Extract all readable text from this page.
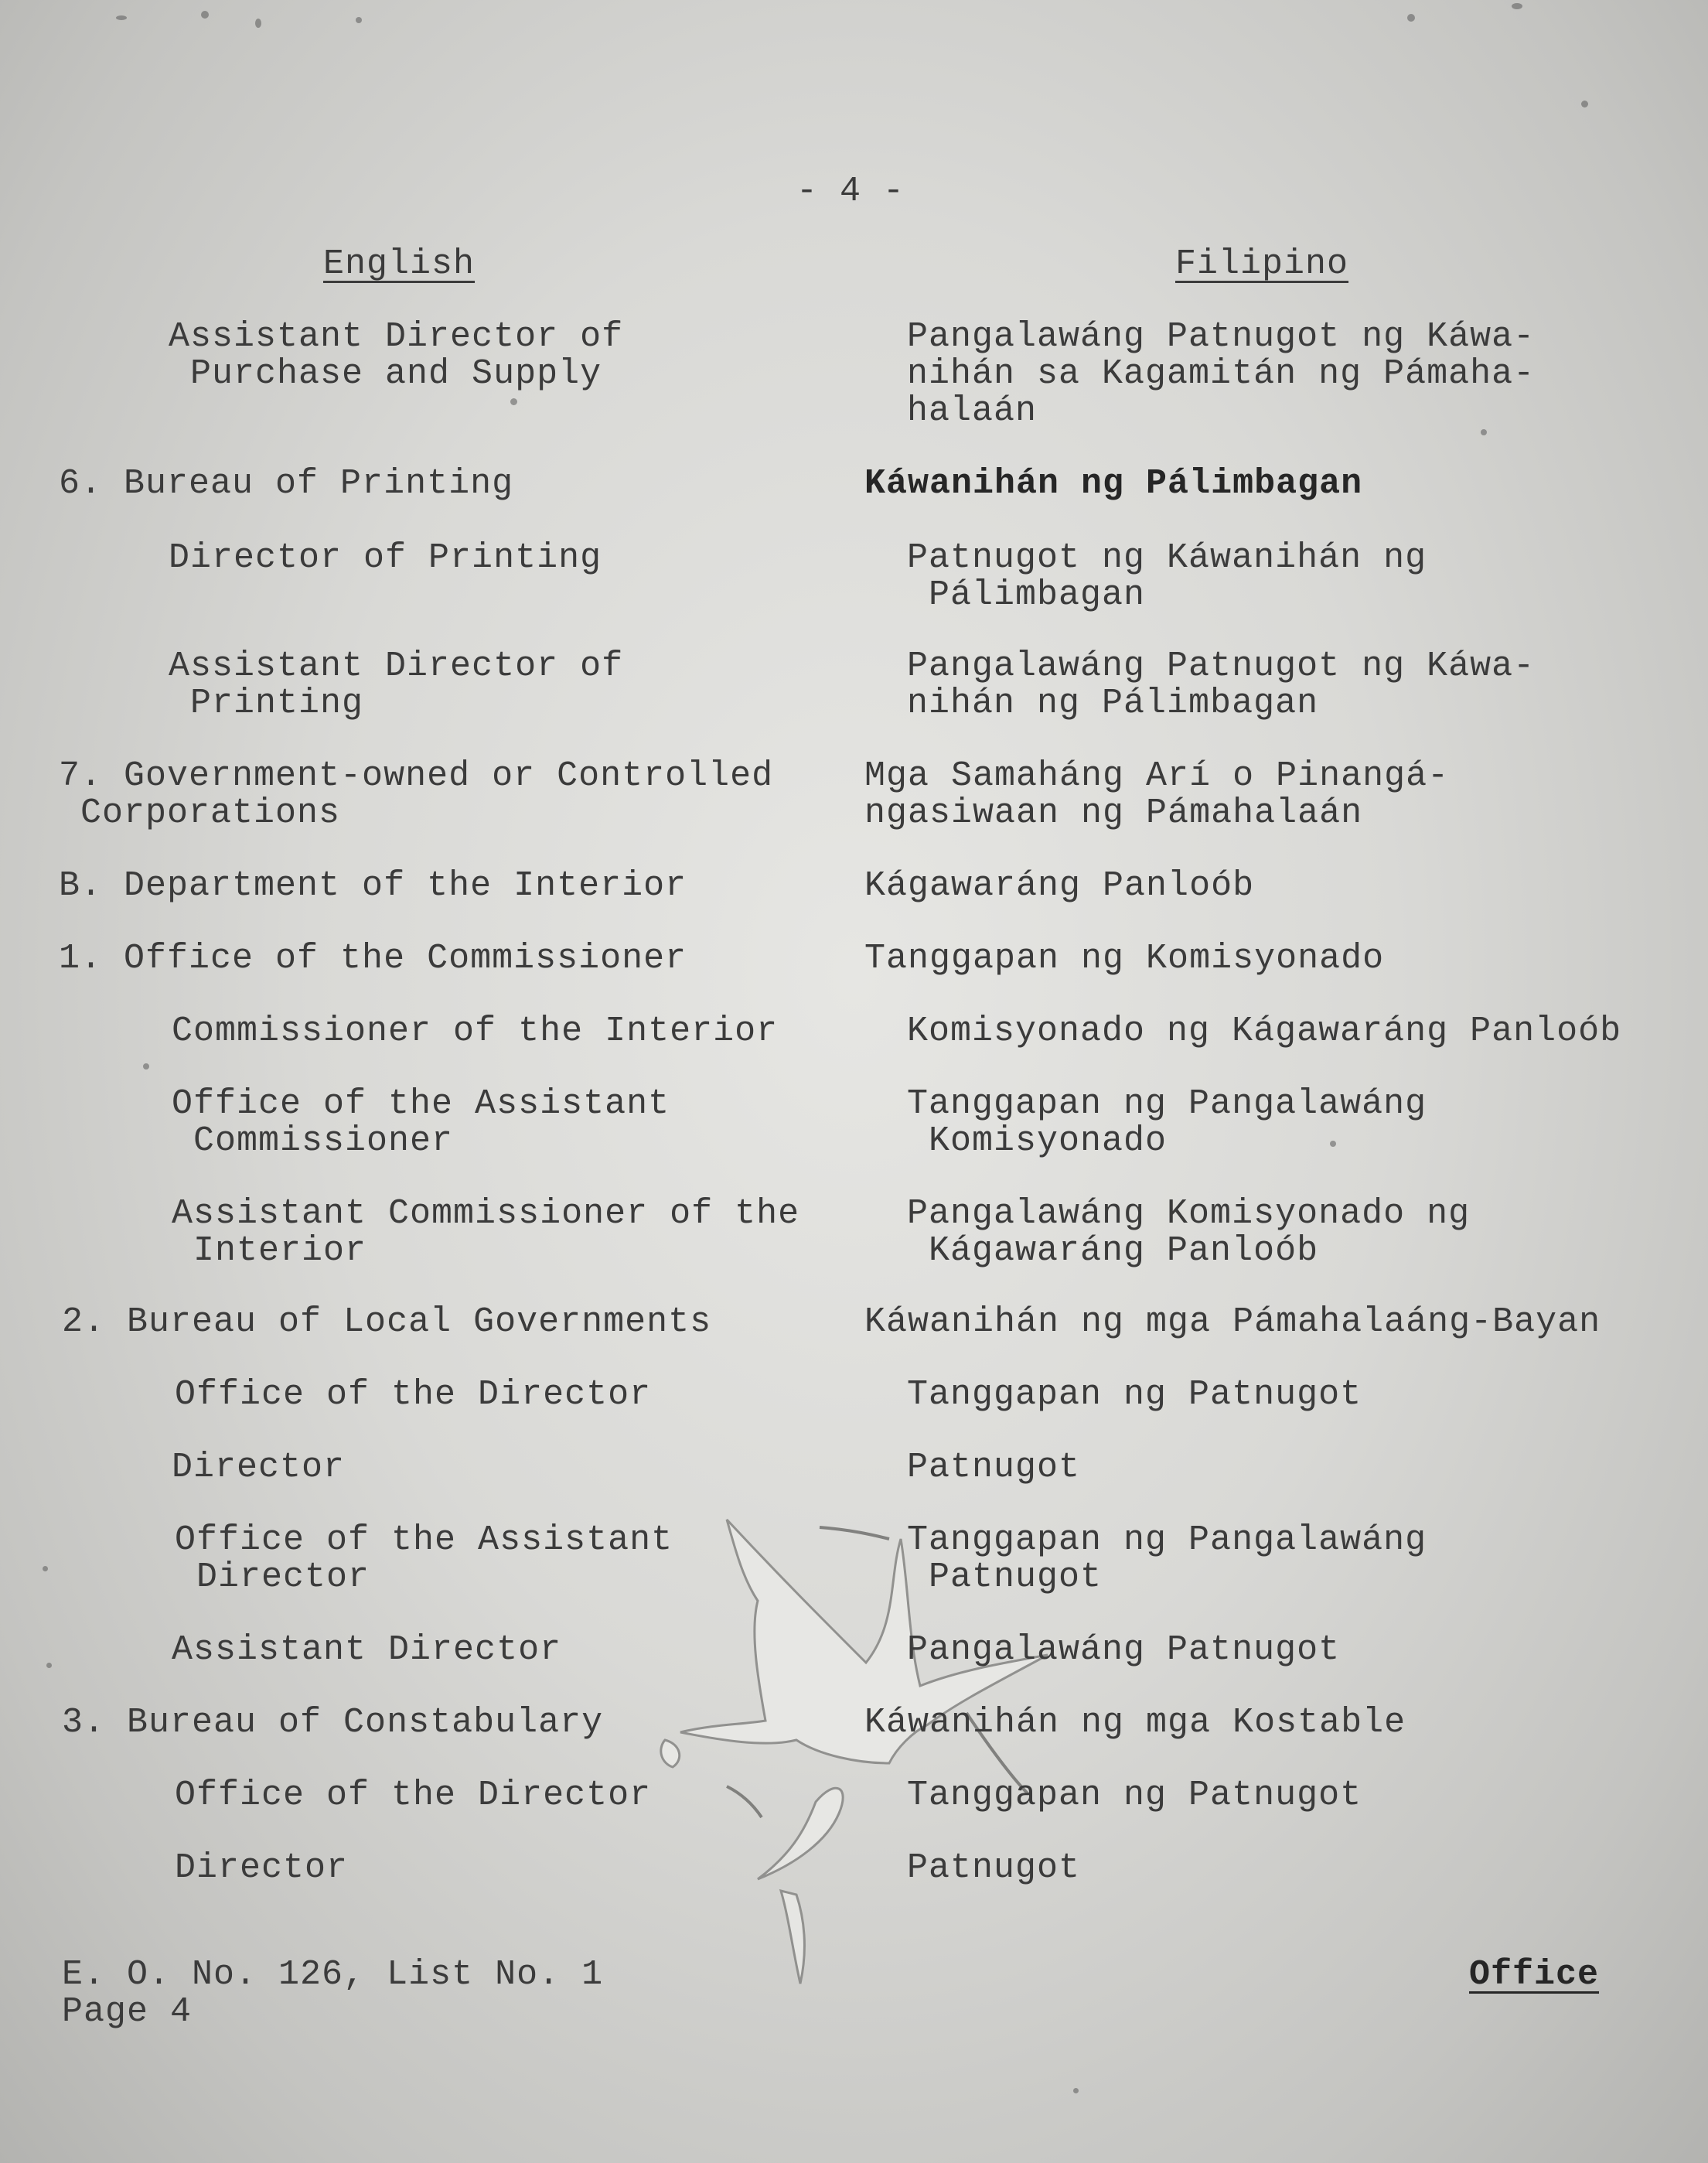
- 4 -
English	Filipino
Assistant Director of
Purchase and Supply
6. Bureau of Printing
Director of Printing
Assistant Director of
Printing
7. Government-owned or Controlled
Corporations
B. Department of the Interior
1. Office of the Commissioner
Commissioner of the Interior
Office of the Assistant
Commissioner
Assistant Commissioner of the
Interior
2. Bureau of Local Governments
Office of the Director
Director
Office of the Assistant
Director
Assistant Director
3. Bureau of Constabulary
Office of the Director
Director
Pangalawáng Patnugot ng Káwa-
nihán sa Kagamitán ng Pámaha-
halaán
Káwanihán ng Pálimbagan
Patnugot ng Káwanihán ng
Pálimbagan
Pangalawáng Patnugot ng Káwa-
nihán ng Pálimbagan
Mga Samaháng Arí o Pinangá-
ngasiwaan ng Pámahalaán
Kágawaráng Panloób
Tanggapan ng Komisyonado
Komisyonado ng Kágawaráng Panloób
Tanggapan ng Pangalawáng
Komisyonado
Pangalawáng Komisyonado ng
Kágawaráng Panloób
Káwanihán ng mga Pámahalaáng-Bayan
Tanggapan ng Patnugot
Patnugot
Tanggapan ng Pangalawáng
Patnugot
Pangalawáng Patnugot
Káwanihán ng mga Kostable
Tanggapan ng Patnugot
Patnugot
E. O. No. 126, List No. 1
Page 4
Office
